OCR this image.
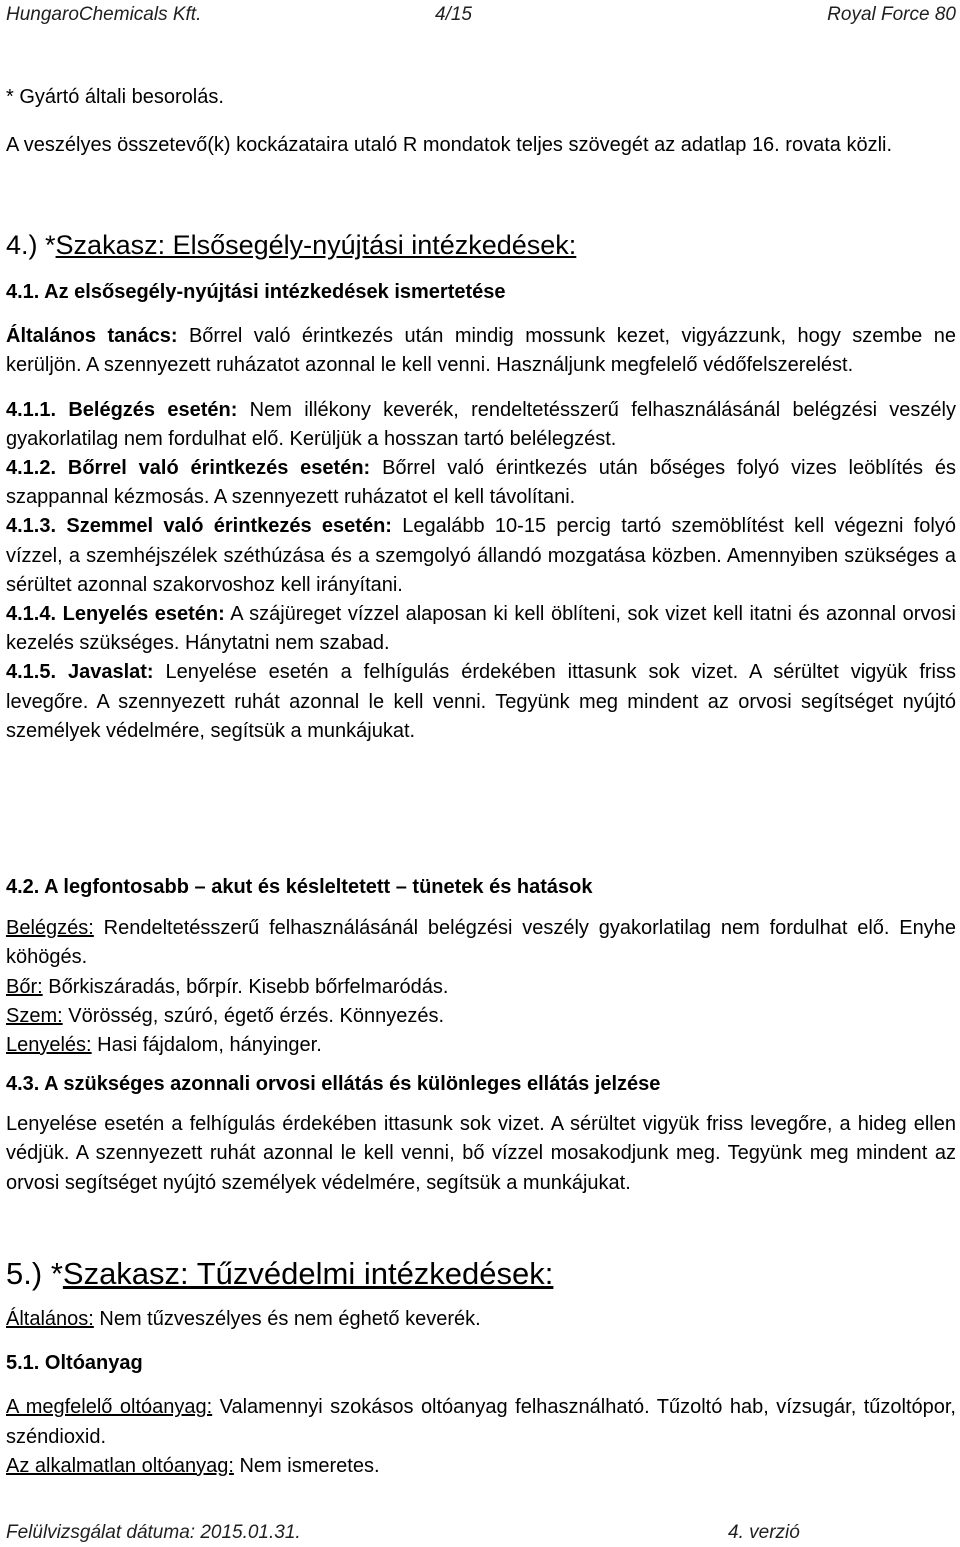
HungaroChemicals Kft.	4/15	Royal Force 80

* Gyártó általi besorolás.

A veszélyes összetevő(k) kockázataira utaló R mondatok teljes szövegét az adatlap 16. rovata közli.

4.) *Szakasz: Elsősegély-nyújtási intézkedések:

4.1. Az elsősegély-nyújtási intézkedések ismertetése

Általános tanács: Bőrrel való érintkezés után mindig mossunk kezet, vigyázzunk, hogy szembe ne kerüljön. A szennyezett ruházatot azonnal le kell venni. Használjunk megfelelő védőfelszerelést.

4.1.1. Belégzés esetén: Nem illékony keverék, rendeltetésszerű felhasználásánál belégzési veszély gyakorlatilag nem fordulhat elő. Kerüljük a hosszan tartó belélegzést.

4.1.2. Bőrrel való érintkezés esetén: Bőrrel való érintkezés után bőséges folyó vizes leöblítés és szappannal kézmosás. A szennyezett ruházatot el kell távolítani.

4.1.3. Szemmel való érintkezés esetén: Legalább 10-15 percig tartó szemöblítést kell végezni folyó vízzel, a szemhéjszélek széthúzása és a szemgolyó állandó mozgatása közben. Amennyiben szükséges a sérültet azonnal szakorvoshoz kell irányítani.

4.1.4. Lenyelés esetén: A szájüreget vízzel alaposan ki kell öblíteni, sok vizet kell itatni és azonnal orvosi kezelés szükséges. Hánytatni nem szabad.

4.1.5. Javaslat: Lenyelése esetén a felhígulás érdekében ittasunk sok vizet. A sérültet vigyük friss levegőre. A szennyezett ruhát azonnal le kell venni. Tegyünk meg mindent az orvosi segítséget nyújtó személyek védelmére, segítsük a munkájukat.

4.2. A legfontosabb – akut és késleltetett – tünetek és hatások

Belégzés: Rendeltetésszerű felhasználásánál belégzési veszély gyakorlatilag nem fordulhat elő. Enyhe köhögés.

Bőr: Bőrkiszáradás, bőrpír. Kisebb bőrfelmaródás.

Szem: Vörösség, szúró, égető érzés. Könnyezés.

Lenyelés: Hasi fájdalom, hányinger.

4.3. A szükséges azonnali orvosi ellátás és különleges ellátás jelzése

Lenyelése esetén a felhígulás érdekében ittasunk sok vizet. A sérültet vigyük friss levegőre, a hideg ellen védjük. A szennyezett ruhát azonnal le kell venni, bő vízzel mosakodjunk meg. Tegyünk meg mindent az orvosi segítséget nyújtó személyek védelmére, segítsük a munkájukat.

5.) *Szakasz: Tűzvédelmi intézkedések:

Általános: Nem tűzveszélyes és nem éghető keverék.

5.1. Oltóanyag

A megfelelő oltóanyag: Valamennyi szokásos oltóanyag felhasználható. Tűzoltó hab, vízsugár, tűzoltópor, széndioxid.

Az alkalmatlan oltóanyag: Nem ismeretes.

Felülvizsgálat dátuma: 2015.01.31.	4. verzió
